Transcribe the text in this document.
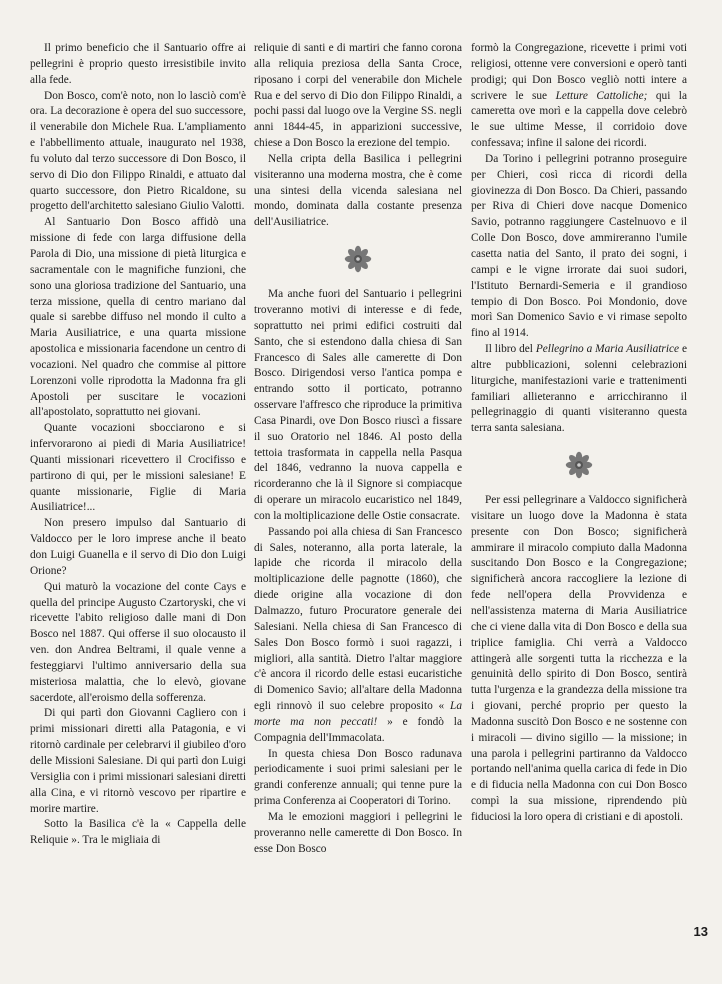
Il primo beneficio che il Santuario offre ai pellegrini è proprio questo irresistibile invito alla fede.

Don Bosco, com'è noto, non lo lasciò com'è ora. La decorazione è opera del suo successore, il venerabile don Michele Rua. L'ampliamento e l'abbellimento attuale, inaugurato nel 1938, fu voluto dal terzo successore di Don Bosco, il servo di Dio don Filippo Rinaldi, e attuato dal quarto successore, don Pietro Ricaldone, su progetto dell'architetto salesiano Giulio Valotti.

Al Santuario Don Bosco affidò una missione di fede con larga diffusione della Parola di Dio, una missione di pietà liturgica e sacramentale con le magnifiche funzioni, che sono una gloriosa tradizione del Santuario, una terza missione, quella di centro mariano dal quale si sarebbe diffuso nel mondo il culto a Maria Ausiliatrice, e una quarta missione apostolica e missionaria facendone un centro di vocazioni. Nel quadro che commise al pittore Lorenzoni volle riprodotta la Madonna fra gli Apostoli per suscitare le vocazioni all'apostolato, soprattutto nei giovani.

Quante vocazioni sbocciarono e si infervorarono ai piedi di Maria Ausiliatrice! Quanti missionari ricevettero il Crocifisso e partirono di qui, per le missioni salesiane! E quante missionarie, Figlie di Maria Ausiliatrice!...

Non presero impulso dal Santuario di Valdocco per le loro imprese anche il beato don Luigi Guanella e il servo di Dio don Luigi Orione?

Qui maturò la vocazione del conte Cays e quella del principe Augusto Czartoryski, che vi ricevette l'abito religioso dalle mani di Don Bosco nel 1887. Qui offerse il suo olocausto il ven. don Andrea Beltrami, il quale venne a festeggiarvi l'ultimo anniversario della sua misteriosa malattia, che lo elevò, giovane sacerdote, all'eroismo della sofferenza.

Di qui partì don Giovanni Cagliero con i primi missionari diretti alla Patagonia, e vi ritornò cardinale per celebrarvi il giubileo d'oro delle Missioni Salesiane. Di qui partì don Luigi Versiglia con i primi missionari salesiani diretti alla Cina, e vi ritornò vescovo per ripartire e morire martire.

Sotto la Basilica c'è la « Cappella delle Reliquie ». Tra le migliaia di

reliquie di santi e di martiri che fanno corona alla reliquia preziosa della Santa Croce, riposano i corpi del venerabile don Michele Rua e del servo di Dio don Filippo Rinaldi, a pochi passi dal luogo ove la Vergine SS. negli anni 1844-45, in apparizioni successive, chiese a Don Bosco la erezione del tempio.

Nella cripta della Basilica i pellegrini visiteranno una moderna mostra, che è come una sintesi della vicenda salesiana nel mondo, dominata dalla costante presenza dell'Ausiliatrice.

Ma anche fuori del Santuario i pellegrini troveranno motivi di interesse e di fede, soprattutto nei primi edifici costruiti dal Santo, che si estendono dalla chiesa di San Francesco di Sales alle camerette di Don Bosco. Dirigendosi verso l'antica pompa e entrando sotto il porticato, potranno osservare l'affresco che riproduce la primitiva Casa Pinardi, ove Don Bosco riuscì a fissare il suo Oratorio nel 1846. Al posto della tettoia trasformata in cappella nella Pasqua del 1846, vedranno la nuova cappella e ricorderanno che là il Signore si compiacque di operare un miracolo eucaristico nel 1849, con la moltiplicazione delle Ostie consacrate.

Passando poi alla chiesa di San Francesco di Sales, noteranno, alla porta laterale, la lapide che ricorda il miracolo della moltiplicazione delle pagnotte (1860), che diede origine alla vocazione di don Dalmazzo, futuro Procuratore generale dei Salesiani. Nella chiesa di San Francesco di Sales Don Bosco formò i suoi ragazzi, i migliori, alla santità. Dietro l'altar maggiore c'è ancora il ricordo delle estasi eucaristiche di Domenico Savio; all'altare della Madonna egli rinnovò il suo celebre proposito « La morte ma non peccati! » e fondò la Compagnia dell'Immacolata.

In questa chiesa Don Bosco radunava periodicamente i suoi primi salesiani per le grandi conferenze annuali; qui tenne pure la prima Conferenza ai Cooperatori di Torino.

Ma le emozioni maggiori i pellegrini le proveranno nelle camerette di Don Bosco. In esse Don Bosco

formò la Congregazione, ricevette i primi voti religiosi, ottenne vere conversioni e operò tanti prodigi; qui Don Bosco vegliò notti intere a scrivere le sue Letture Cattoliche; qui la cameretta ove morì e la cappella dove celebrò le sue ultime Messe, il corridoio dove confessava; infine il salone dei ricordi.

Da Torino i pellegrini potranno proseguire per Chieri, così ricca di ricordi della giovinezza di Don Bosco. Da Chieri, passando per Riva di Chieri dove nacque Domenico Savio, potranno raggiungere Castelnuovo e il Colle Don Bosco, dove ammireranno l'umile casetta natia del Santo, il prato dei sogni, i campi e le vigne irrorate dai suoi sudori, l'Istituto Bernardi-Semeria e il grandioso tempio di Don Bosco. Poi Mondonio, dove morì San Domenico Savio e vi rimase sepolto fino al 1914.

Il libro del Pellegrino a Maria Ausiliatrice e altre pubblicazioni, solenni celebrazioni liturgiche, manifestazioni varie e trattenimenti familiari allieteranno e arricchiranno il pellegrinaggio di quanti visiteranno questa terra santa salesiana.

Per essi pellegrinare a Valdocco significherà visitare un luogo dove la Madonna è stata presente con Don Bosco; significherà ammirare il miracolo compiuto dalla Madonna suscitando Don Bosco e la Congregazione; significherà ancora raccogliere la lezione di fede nell'opera della Provvidenza e nell'assistenza materna di Maria Ausiliatrice che ci viene dalla vita di Don Bosco e della sua triplice famiglia. Chi verrà a Valdocco attingerà alle sorgenti tutta la ricchezza e la genuinità dello spirito di Don Bosco, sentirà tutta l'urgenza e la grandezza della missione tra i giovani, perché proprio per questo la Madonna suscitò Don Bosco e ne sostenne con i miracoli — divino sigillo — la missione; in una parola i pellegrini partiranno da Valdocco portando nell'anima quella carica di fede in Dio e di fiducia nella Madonna con cui Don Bosco compì la sua missione, riprendendo più fiduciosi la loro opera di cristiani e di apostoli.

13
